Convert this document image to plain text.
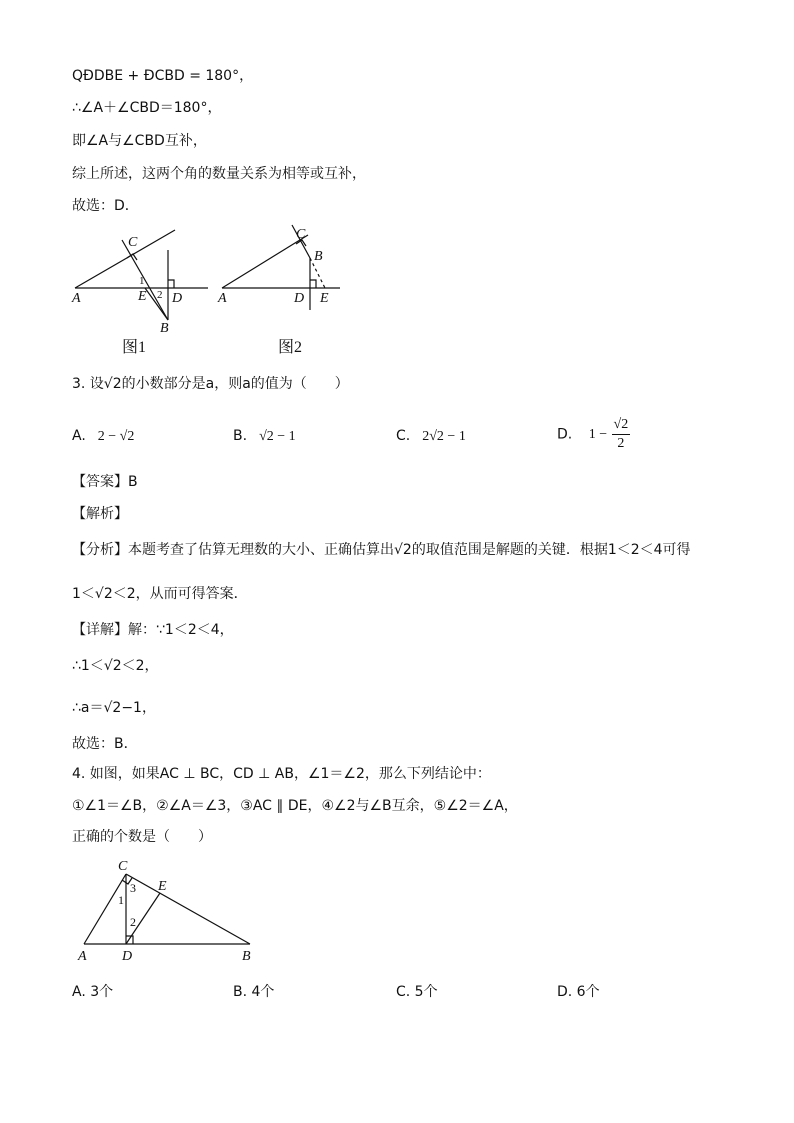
QÐDBE + ÐCBD = 180°，
∴∠A＋∠CBD＝180°，
即∠A与∠CBD互补，
综上所述，这两个角的数量关系为相等或互补，
故选：D．
C
A	E D
B
1
2
图1
C
B
A	D E
图2
3. 设√2的小数部分是a，则a的值为（　　）
A. 2 − √2	B. √2 − 1	C. 2√2 − 1	D. $1 - \frac{√2}{2}$
【答案】B
【解析】
【分析】本题考查了估算无理数的大小、正确估算出√2的取值范围是解题的关键．根据1＜2＜4可得
1＜√2＜2，从而可得答案．
【详解】解：∵1＜2＜4，
∴1＜√2＜2，
∴a＝√2−1，
故选：B．
4. 如图，如果AC ⊥ BC，CD ⊥ AB，∠1＝∠2，那么下列结论中：
①∠1＝∠B，②∠A＝∠3，③AC ∥ DE，④∠2与∠B互余，⑤∠2＝∠A，
正确的个数是（　　）
C
E
A	D	B
3
1
2
A. 3个	B. 4个	C. 5个	D. 6个
